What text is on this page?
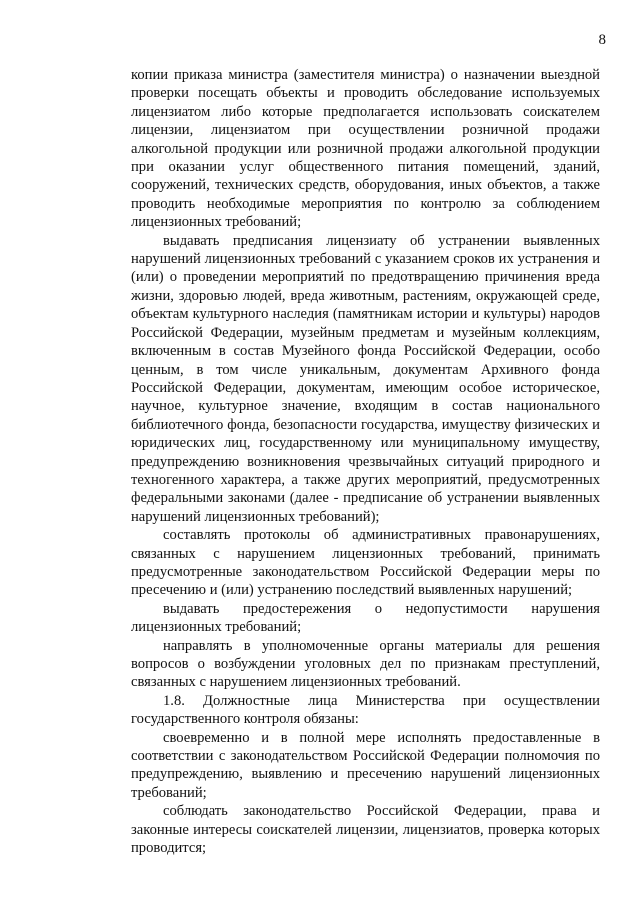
8

копии приказа министра (заместителя министра) о назначении выездной проверки посещать объекты и проводить обследование используемых лицензиатом либо которые предполагается использовать соискателем лицензии, лицензиатом при осуществлении розничной продажи алкогольной продукции или розничной продажи алкогольной продукции при оказании услуг общественного питания помещений, зданий, сооружений, технических средств, оборудования, иных объектов, а также проводить необходимые мероприятия по контролю за соблюдением лицензионных требований;

выдавать предписания лицензиату об устранении выявленных нарушений лицензионных требований с указанием сроков их устранения и (или) о проведении мероприятий по предотвращению причинения вреда жизни, здоровью людей, вреда животным, растениям, окружающей среде, объектам культурного наследия (памятникам истории и культуры) народов Российской Федерации, музейным предметам и музейным коллекциям, включенным в состав Музейного фонда Российской Федерации, особо ценным, в том числе уникальным, документам Архивного фонда Российской Федерации, документам, имеющим особое историческое, научное, культурное значение, входящим в состав национального библиотечного фонда, безопасности государства, имуществу физических и юридических лиц, государственному или муниципальному имуществу, предупреждению возникновения чрезвычайных ситуаций природного и техногенного характера, а также других мероприятий, предусмотренных федеральными законами (далее - предписание об устранении выявленных нарушений лицензионных требований);

составлять протоколы об административных правонарушениях, связанных с нарушением лицензионных требований, принимать предусмотренные законодательством Российской Федерации меры по пресечению и (или) устранению последствий выявленных нарушений;

выдавать предостережения о недопустимости нарушения лицензионных требований;

направлять в уполномоченные органы материалы для решения вопросов о возбуждении уголовных дел по признакам преступлений, связанных с нарушением лицензионных требований.

1.8. Должностные лица Министерства при осуществлении государственного контроля обязаны:

своевременно и в полной мере исполнять предоставленные в соответствии с законодательством Российской Федерации полномочия по предупреждению, выявлению и пресечению нарушений лицензионных требований;

соблюдать законодательство Российской Федерации, права и законные интересы соискателей лицензии, лицензиатов, проверка которых проводится;
